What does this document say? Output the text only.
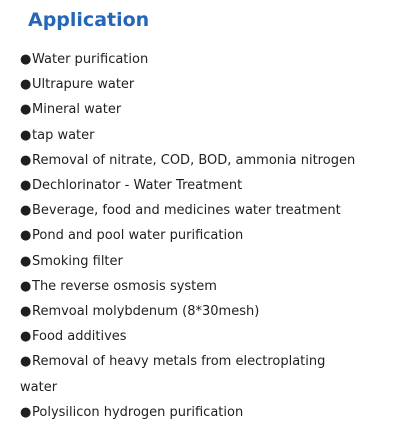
Application
●Water purification
●Ultrapure water
●Mineral water
●tap water
●Removal of nitrate, COD, BOD, ammonia nitrogen
●Dechlorinator - Water Treatment
●Beverage, food and medicines water treatment
●Pond and pool water purification
●Smoking filter
●The reverse osmosis system
●Remvoal molybdenum (8*30mesh)
●Food additives
●Removal of heavy metals from electroplating water
●Polysilicon hydrogen purification
